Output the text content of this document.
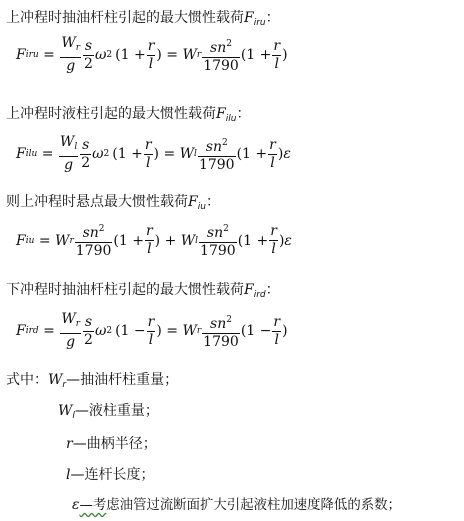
上冲程时抽油杆柱引起的最大惯性载荷$F_{iru}$：
F iru = $\frac{W_r}{g} \frac{s}{2}$ ω 2 ($1 + \frac{r}{l}$ ) = W r $\frac{sn^2}{1790} (1 + \frac{r}{l}$ )
上冲程时液柱引起的最大惯性载荷$F_{ilu}$：
F ilu = $\frac{W_l}{g} \frac{s}{2}$ ω 2 ($1 + \frac{r}{l}$ ) = W l $\frac{sn^2}{1790} (1 + \frac{r}{l}$ ) ε
则上冲程时悬点最大惯性载荷$F_{iu}$：
F iu = W r $\frac{sn^2}{1790} (1 + \frac{r}{l}$ ) + W l $\frac{sn^2}{1790} (1 + \frac{r}{l}$ ) ε
下冲程时抽油杆柱引起的最大惯性载荷$F_{ird}$：
F ird = $\frac{W_r}{g} \frac{s}{2}$ ω 2 ($1 - \frac{r}{l}$ ) = W r $\frac{sn^2}{1790} (1 - \frac{r}{l}$ )
式中：$W_r—$抽油杆柱重量；
$W_l—$液柱重量；
r—曲柄半径；
l—连杆长度；
ε—考虑油管过流断面扩大引起液柱加速度降低的系数；
